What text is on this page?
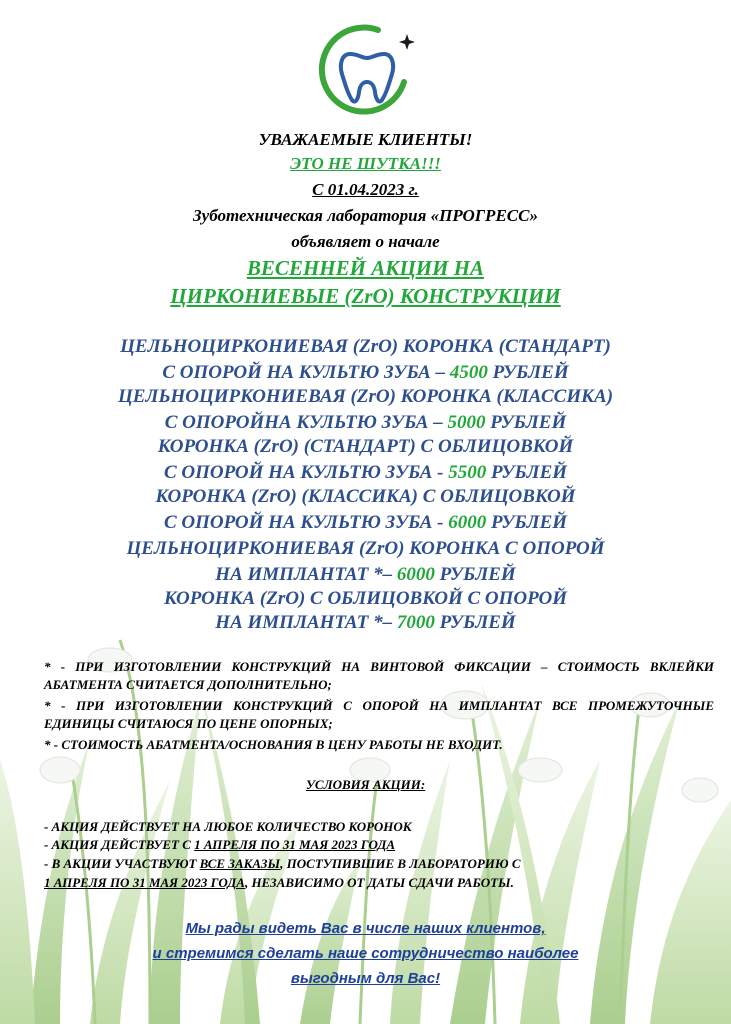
УВАЖАЕМЫЕ КЛИЕНТЫ!
ЭТО НЕ ШУТКА!!!
С 01.04.2023 г.
Зуботехническая лаборатория «ПРОГРЕСС»
объявляет о начале
ВЕСЕННЕЙ АКЦИИ НА
ЦИРКОНИЕВЫЕ (ZrO) КОНСТРУКЦИИ
ЦЕЛЬНОЦИРКОНИЕВАЯ (ZrO) КОРОНКА (СТАНДАРТ)
С ОПОРОЙ НА КУЛЬТЮ ЗУБА – 4500 РУБЛЕЙ
ЦЕЛЬНОЦИРКОНИЕВАЯ (ZrO) КОРОНКА (КЛАССИКА)
С ОПОРОЙНА КУЛЬТЮ ЗУБА – 5000 РУБЛЕЙ
КОРОНКА (ZrO) (СТАНДАРТ) С ОБЛИЦОВКОЙ
С ОПОРОЙ НА КУЛЬТЮ ЗУБА - 5500 РУБЛЕЙ
КОРОНКА (ZrO) (КЛАССИКА) С ОБЛИЦОВКОЙ
С ОПОРОЙ НА КУЛЬТЮ ЗУБА - 6000 РУБЛЕЙ
ЦЕЛЬНОЦИРКОНИЕВАЯ (ZrO) КОРОНКА С ОПОРОЙ
НА ИМПЛАНТАТ *– 6000 РУБЛЕЙ
КОРОНКА (ZrO) С ОБЛИЦОВКОЙ С ОПОРОЙ
НА ИМПЛАНТАТ *– 7000 РУБЛЕЙ
* - ПРИ ИЗГОТОВЛЕНИИ КОНСТРУКЦИЙ НА ВИНТОВОЙ ФИКСАЦИИ – СТОИМОСТЬ ВКЛЕЙКИ АБАТМЕНТА СЧИТАЕТСЯ ДОПОЛНИТЕЛЬНО;
* - ПРИ ИЗГОТОВЛЕНИИ КОНСТРУКЦИЙ С ОПОРОЙ НА ИМПЛАНТАТ ВСЕ ПРОМЕЖУТОЧНЫЕ ЕДИНИЦЫ СЧИТАЮСЯ ПО ЦЕНЕ ОПОРНЫХ;
* - СТОИМОСТЬ АБАТМЕНТА/ОСНОВАНИЯ В ЦЕНУ РАБОТЫ НЕ ВХОДИТ.
УСЛОВИЯ АКЦИИ:
- АКЦИЯ ДЕЙСТВУЕТ НА ЛЮБОЕ КОЛИЧЕСТВО КОРОНОК
- АКЦИЯ ДЕЙСТВУЕТ С 1 АПРЕЛЯ ПО 31 МАЯ 2023 ГОДА
- В АКЦИИ УЧАСТВУЮТ ВСЕ ЗАКАЗЫ, ПОСТУПИВШИЕ В ЛАБОРАТОРИЮ С
1 АПРЕЛЯ ПО 31 МАЯ 2023 ГОДА, НЕЗАВИСИМО ОТ ДАТЫ СДАЧИ РАБОТЫ.
Мы рады видеть Вас в числе наших клиентов,
и стремимся сделать наше сотрудничество наиболее
выгодным для Вас!
